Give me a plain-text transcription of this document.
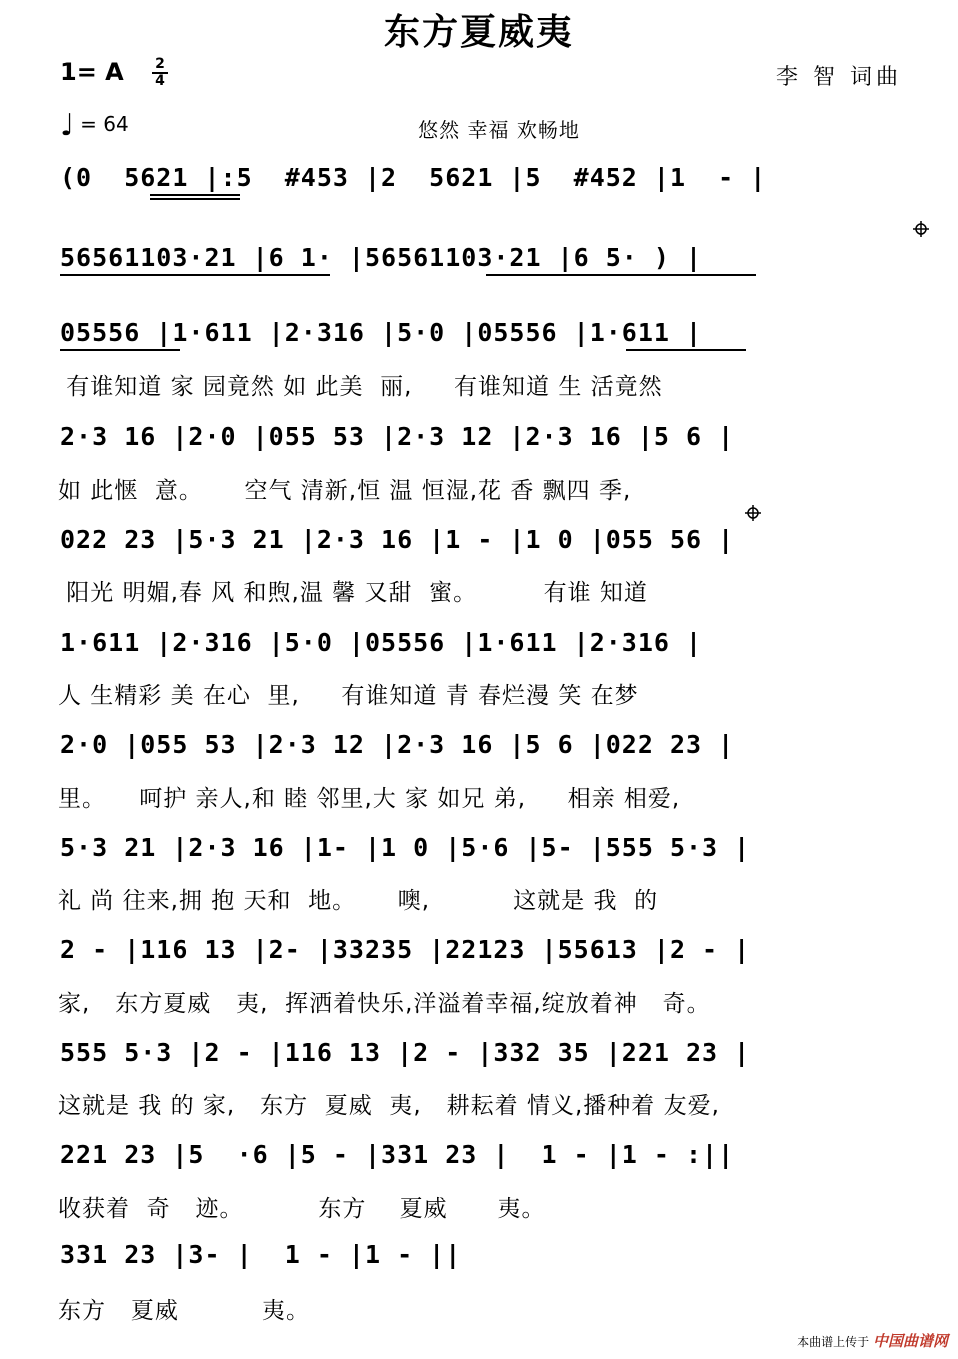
东方夏威夷
1= A 2
4	李 智 词曲
♩ = 64	悠然 幸福 欢畅地
(0  5621 |:5  #453 |2  5621 |5  #452 |1  - |
56561103·21 |6 1· |56561103·21 |6 5· ) |
05556 |1·611 |2·316 |5·0 |05556 |1·611 |
2·3 16 |2·0 |055 53 |2·3 12 |2·3 16 |5 6 |
022 23 |5·3 21 |2·3 16 |1 - |1 0 |055 56 |
1·611 |2·316 |5·0 |05556 |1·611 |2·316 |
2·0 |055 53 |2·3 12 |2·3 16 |5 6 |022 23 |
5·3 21 |2·3 16 |1- |1 0 |5·6 |5- |555 5·3 |
2 - |116 13 |2- |33235 |22123 |55613 |2 - |
555 5·3 |2 - |116 13 |2 - |332 35 |221 23 |
221 23 |5  ·6 |5 - |331 23 |  1 - |1 - :||
331 23 |3- |  1 - |1 - ||
有谁知道 家 园竟然 如 此美  丽,     有谁知道 生 活竟然
如 此惬  意。     空气 清新,恒 温 恒湿,花 香 飘四 季,
阳光 明媚,春 风 和煦,温 馨 又甜  蜜。        有谁 知道
人 生精彩 美 在心  里,     有谁知道 青 春烂漫 笑 在梦
里。    呵护 亲人,和 睦 邻里,大 家 如兄 弟,     相亲 相爱,
礼 尚 往来,拥 抱 天和  地。     噢,          这就是 我  的
家,   东方夏威   夷,  挥洒着快乐,洋溢着幸福,绽放着神   奇。
这就是 我 的 家,   东方  夏威  夷,   耕耘着 情义,播种着 友爱,
收获着  奇   迹。         东方    夏威      夷。
东方   夏威          夷。
本曲谱上传于 中国曲谱网
